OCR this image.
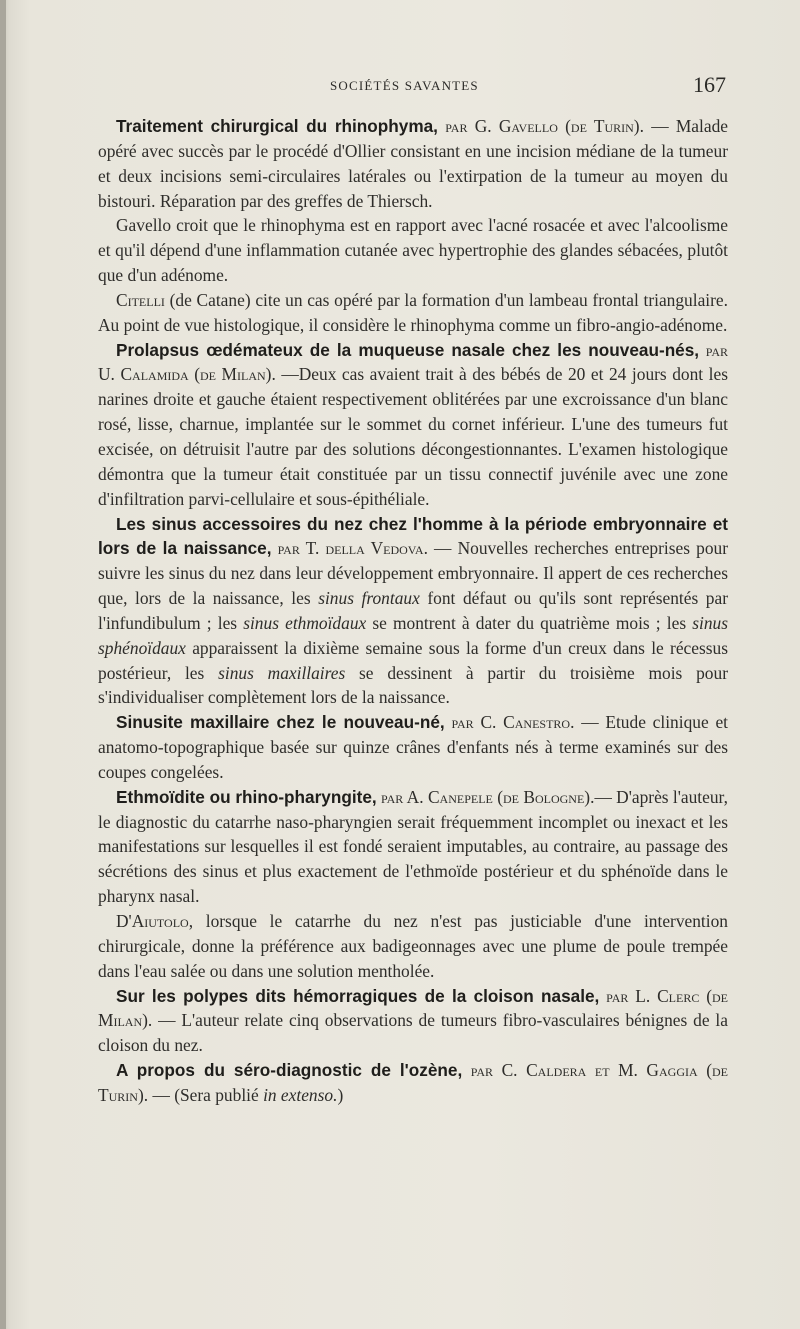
SOCIÉTÉS SAVANTES	167

Traitement chirurgical du rhinophyma, par G. Gavello (de Turin). — Malade opéré avec succès par le procédé d'Ollier consistant en une incision médiane de la tumeur et deux incisions semi-circulaires latérales ou l'extirpation de la tumeur au moyen du bistouri. Réparation par des greffes de Thiersch.

Gavello croit que le rhinophyma est en rapport avec l'acné rosacée et avec l'alcoolisme et qu'il dépend d'une inflammation cutanée avec hypertrophie des glandes sébacées, plutôt que d'un adénome.

Citelli (de Catane) cite un cas opéré par la formation d'un lambeau frontal triangulaire. Au point de vue histologique, il considère le rhinophyma comme un fibro-angio-adénome.

Prolapsus œdémateux de la muqueuse nasale chez les nouveau-nés, par U. Calamida (de Milan). —Deux cas avaient trait à des bébés de 20 et 24 jours dont les narines droite et gauche étaient respectivement oblitérées par une excroissance d'un blanc rosé, lisse, charnue, implantée sur le sommet du cornet inférieur. L'une des tumeurs fut excisée, on détruisit l'autre par des solutions décongestionnantes. L'examen histologique démontra que la tumeur était constituée par un tissu connectif juvénile avec une zone d'infiltration parvi-cellulaire et sous-épithéliale.

Les sinus accessoires du nez chez l'homme à la période embryonnaire et lors de la naissance, par T. della Vedova. — Nouvelles recherches entreprises pour suivre les sinus du nez dans leur développement embryonnaire. Il appert de ces recherches que, lors de la naissance, les sinus frontaux font défaut ou qu'ils sont représentés par l'infundibulum ; les sinus ethmoïdaux se montrent à dater du quatrième mois ; les sinus sphénoïdaux apparaissent la dixième semaine sous la forme d'un creux dans le récessus postérieur, les sinus maxillaires se dessinent à partir du troisième mois pour s'individualiser complètement lors de la naissance.

Sinusite maxillaire chez le nouveau-né, par C. Canestro. — Etude clinique et anatomo-topographique basée sur quinze crânes d'enfants nés à terme examinés sur des coupes congelées.

Ethmoïdite ou rhino-pharyngite, par A. Canepele (de Bologne).— D'après l'auteur, le diagnostic du catarrhe naso-pharyngien serait fréquemment incomplet ou inexact et les manifestations sur lesquelles il est fondé seraient imputables, au contraire, au passage des sécrétions des sinus et plus exactement de l'ethmoïde postérieur et du sphénoïde dans le pharynx nasal.

D'Aiutolo, lorsque le catarrhe du nez n'est pas justiciable d'une intervention chirurgicale, donne la préférence aux badigeonnages avec une plume de poule trempée dans l'eau salée ou dans une solution mentholée.

Sur les polypes dits hémorragiques de la cloison nasale, par L. Clerc (de Milan). — L'auteur relate cinq observations de tumeurs fibro-vasculaires bénignes de la cloison du nez.

A propos du séro-diagnostic de l'ozène, par C. Caldera et M. Gaggia (de Turin). — (Sera publié in extenso.)
